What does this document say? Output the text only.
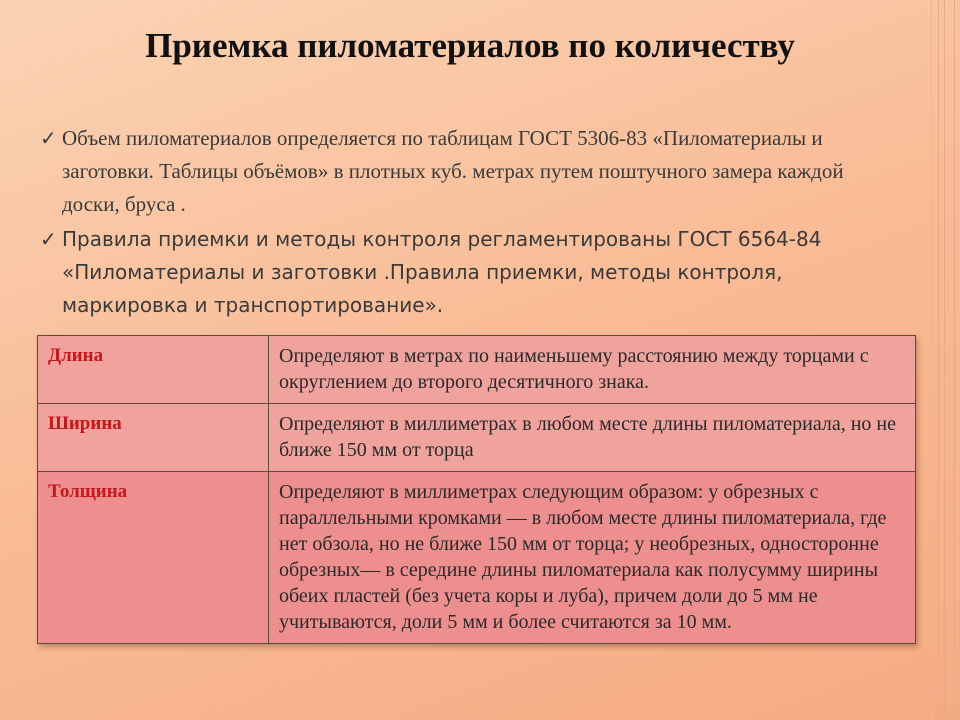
Приемка пиломатериалов по количеству
✓ Объем пиломатериалов определяется по таблицам ГОСТ 5306-83 «Пиломатериалы и заготовки. Таблицы объёмов» в плотных куб. метрах путем поштучного замера каждой доски, бруса .
✓ Правила приемки и методы контроля регламентированы ГОСТ 6564-84 «Пиломатериалы и заготовки .Правила приемки, методы контроля, маркировка и транспортирование».
Длина	Определяют в метрах по наименьшему расстоянию между торцами с округлением до второго десятичного знака.
Ширина	Определяют в миллиметрах в любом месте длины пиломатериала, но не ближе 150 мм от торца
Толщина	Определяют в миллиметрах следующим образом: у обрезных с параллельными кромками — в любом месте длины пиломатериала, где нет обзола, но не ближе 150 мм от торца; у необрезных, односторонне обрезных— в середине длины пиломатериала как полусумму ширины обеих пластей (без учета коры и луба), причем доли до 5 мм не учитываются, доли 5 мм и более считаются за 10 мм.
